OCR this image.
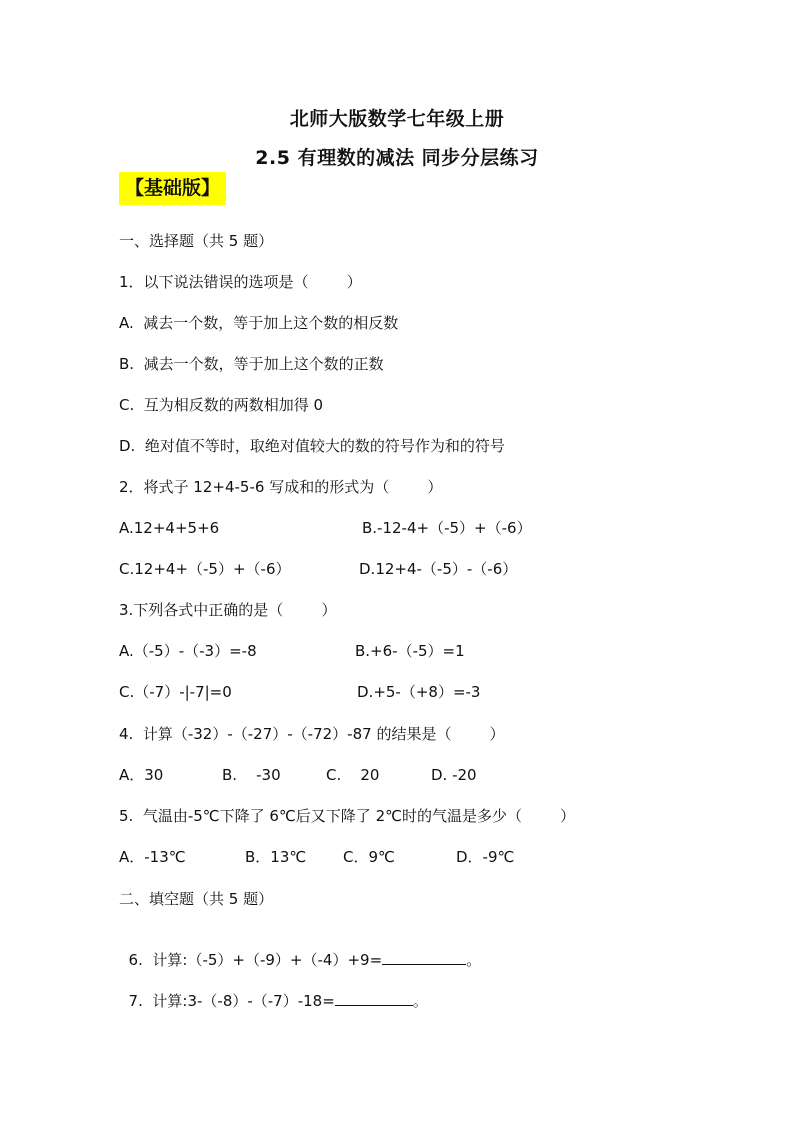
北师大版数学七年级上册
2.5 有理数的减法 同步分层练习
【基础版】
一、选择题（共 5 题）
1．以下说法错误的选项是（        ）
A.  减去一个数，等于加上这个数的相反数
B.  减去一个数，等于加上这个数的正数
C.  互为相反数的两数相加得 0
D.  绝对值不等时，取绝对值较大的数的符号作为和的符号
2．将式子 12+4-5-6 写成和的形式为（        ）
A.12+4+5+6	B.-12-4+（-5）+（-6）
C.12+4+（-5）+（-6）	D.12+4-（-5）-（-6）
3.下列各式中正确的是（        ）
A.（-5）-（-3）=-8	B.+6-（-5）=1
C.（-7）-|-7|=0	D.+5-（+8）=-3
4.  计算（-32）-（-27）-（-72）-87 的结果是（        ）
A．30	B.    -30	C.    20	D. -20
5.  气温由-5℃下降了 6℃后又下降了 2℃时的气温是多少（        ）
A．-13℃	B．13℃ C．9℃	D．-9℃
二、填空题（共 5 题）

6.  计算:（-5）+（-9）+（-4）+9=	。

7.  计算:3-（-8）-（-7）-18=	。
